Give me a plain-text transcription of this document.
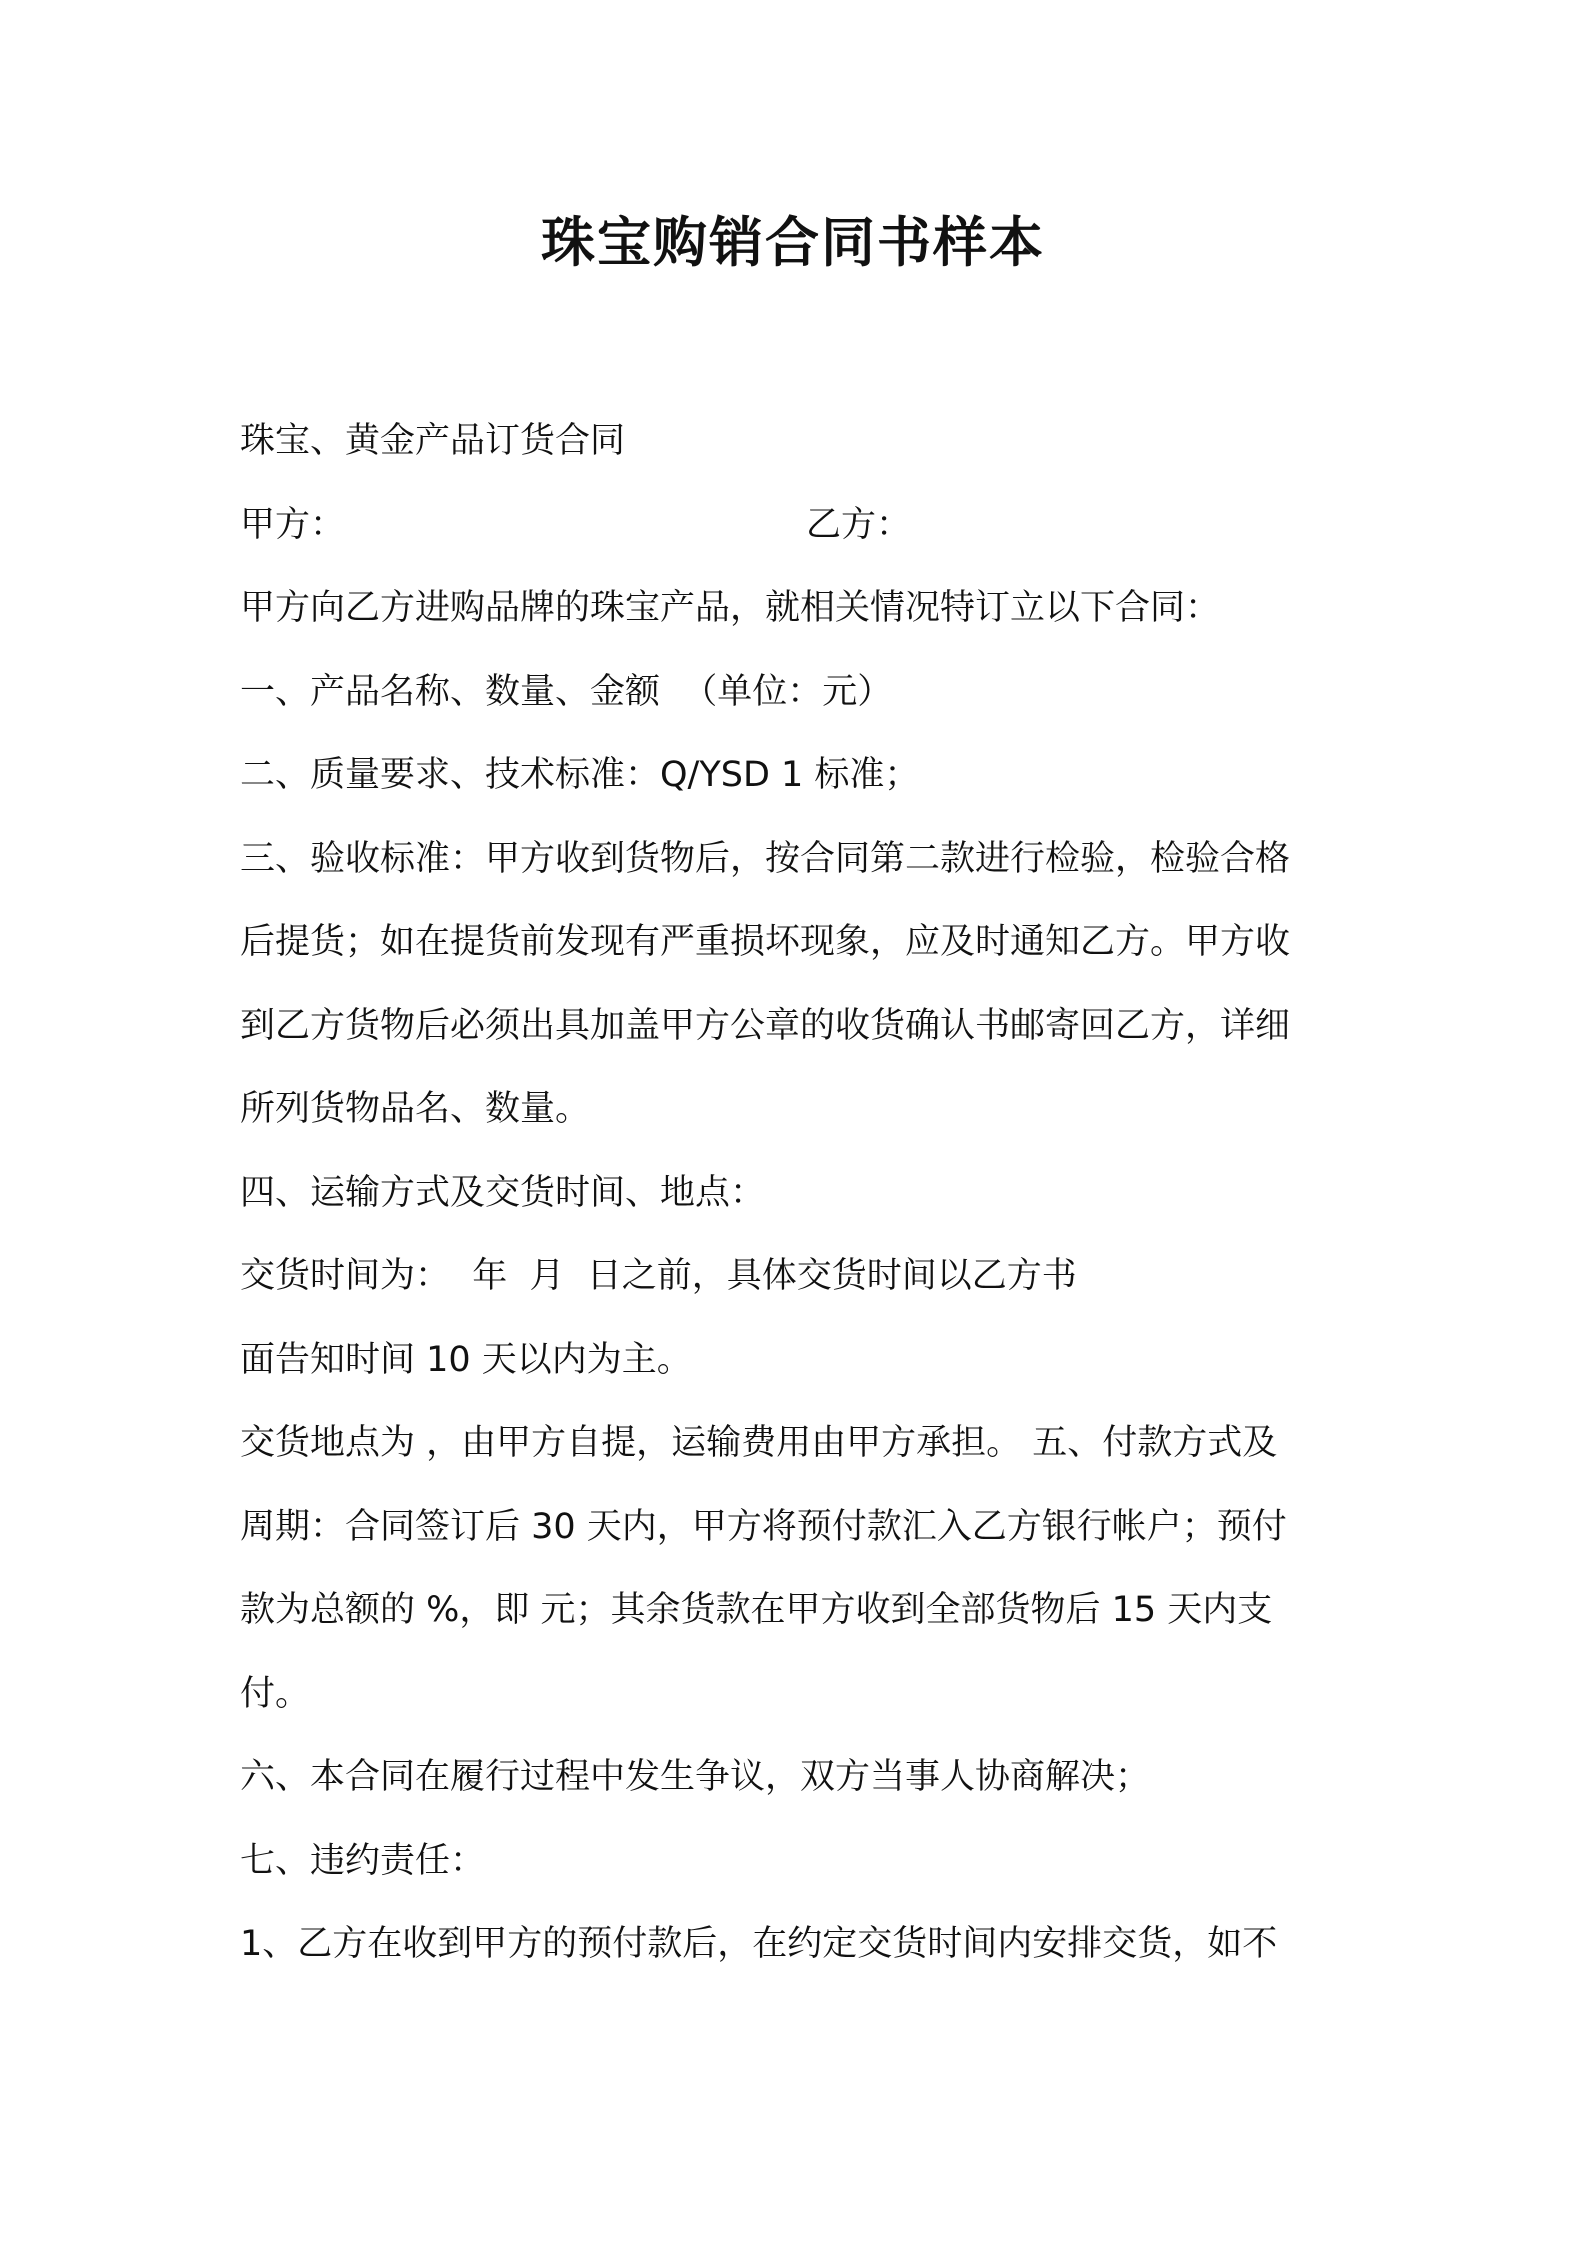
珠宝购销合同书样本

珠宝、黄金产品订货合同

甲方：	乙方：

甲方向乙方进购品牌的珠宝产品，就相关情况特订立以下合同：

一、产品名称、数量、金额  （单位：元）

二、质量要求、技术标准：Q/YSD 1 标准；

三、验收标准：甲方收到货物后，按合同第二款进行检验，检验合格

后提货；如在提货前发现有严重损坏现象，应及时通知乙方。甲方收

到乙方货物后必须出具加盖甲方公章的收货确认书邮寄回乙方，详细

所列货物品名、数量。

四、运输方式及交货时间、地点：

交货时间为：  年  月  日之前，具体交货时间以乙方书

面告知时间 10 天以内为主。

交货地点为 ，由甲方自提，运输费用由甲方承担。 五、付款方式及

周期：合同签订后 30 天内，甲方将预付款汇入乙方银行帐户；预付

款为总额的 %，即 元；其余货款在甲方收到全部货物后 15 天内支

付。

六、本合同在履行过程中发生争议，双方当事人协商解决；

七、违约责任：

1、乙方在收到甲方的预付款后，在约定交货时间内安排交货，如不
